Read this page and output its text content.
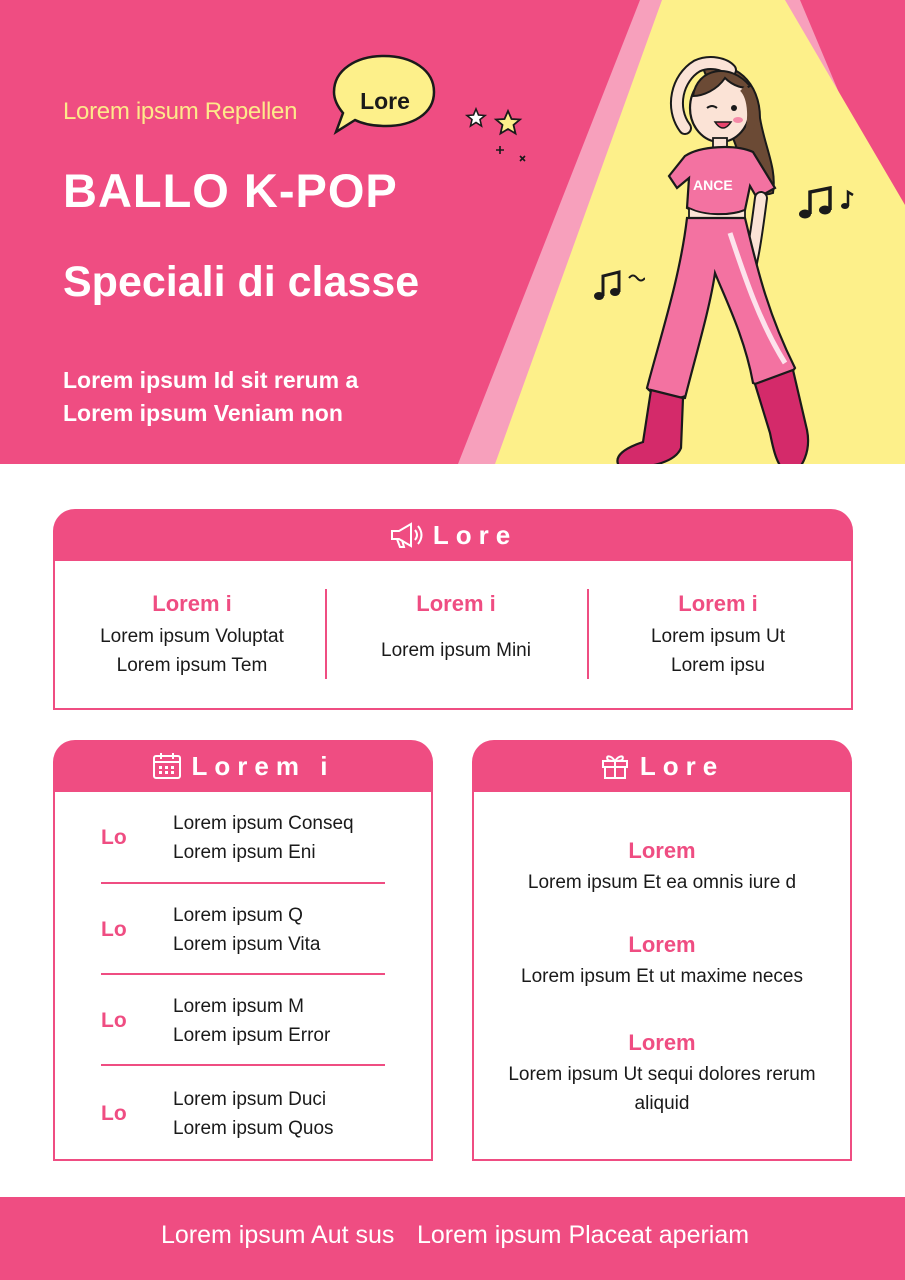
Lorem ipsum Repellen	Lore
BALLO K-POP
Speciali di classe
Lorem ipsum Id sit rerum a
Lorem ipsum Veniam non
ANCE
Lore
Lorem i
Lorem ipsum Voluptat
Lorem ipsum Tem
Lorem i
Lorem ipsum Mini
Lorem i
Lorem ipsum Ut
Lorem ipsu
Lorem i
Lo
Lorem ipsum Conseq
Lorem ipsum Eni
Lo
Lorem ipsum Q
Lorem ipsum Vita
Lo
Lorem ipsum M
Lorem ipsum Error
Lo
Lorem ipsum Duci
Lorem ipsum Quos
Lore
Lorem
Lorem ipsum Et ea omnis iure d
Lorem
Lorem ipsum Et ut maxime neces
Lorem
Lorem ipsum Ut sequi dolores rerum
aliquid
Lorem ipsum Aut sus Lorem ipsum Placeat aperiam
